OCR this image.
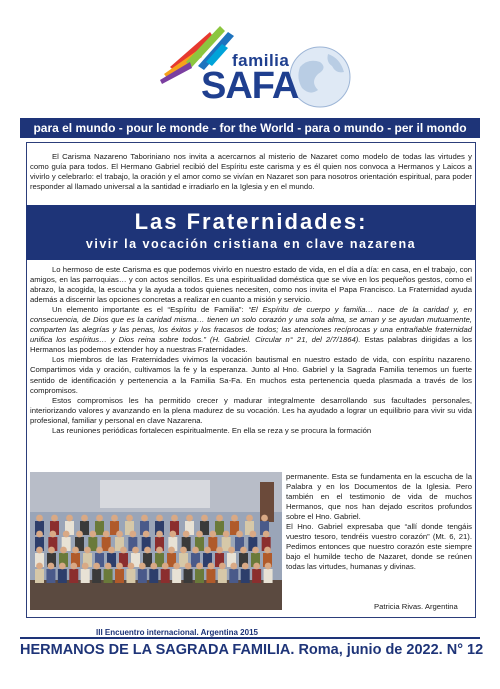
familia
SAFA
para el mundo - pour le monde - for the World - para o mundo - per il mondo

El Carisma Nazareno Taboriniano nos invita a acercarnos al misterio de Nazaret como modelo de todas las virtudes y como guía para todos. El Hermano Gabriel recibió del Espíritu este carisma y es él quien nos convoca a Hermanos y Laicos a vivirlo y celebrarlo: el trabajo, la oración y el amor como se vivían en Nazaret son para nosotros orientación espiritual, para poder responder al llamado universal a la santidad e irradiarlo en la Iglesia y en el mundo.

Las Fraternidades:
vivir la vocación cristiana en clave nazarena

Lo hermoso de este Carisma es que podemos vivirlo en nuestro estado de vida, en el día a día: en casa, en el trabajo, con amigos, en las parroquias… y con actos sencillos. Es una espiritualidad doméstica que se vive en los pequeños gestos, como el abrazo, la acogida, la escucha y la ayuda a todos quienes necesiten, como nos invita el Papa Francisco. La Fraternidad ayuda además a discernir las opciones concretas a realizar en cuanto a misión y servicio.

Un elemento importante es el “Espíritu de Familia”: “El Espíritu de cuerpo y familia… nace de la caridad y, en consecuencia, de Dios que es la caridad misma… tienen un solo corazón y una sola alma, se aman y se ayudan mutuamente, comparten las alegrías y las penas, los éxitos y los fracasos de todos; las atenciones recíprocas y una entrañable fraternidad unifica los espíritus… y Dios reina sobre todos.” (H. Gabriel. Circular n° 21, del 2/7/1864). Estas palabras dirigidas a los Hermanos las podemos extender hoy a nuestras Fraternidades.

Los miembros de las Fraternidades vivimos la vocación bautismal en nuestro estado de vida, con espíritu nazareno. Compartimos vida y oración, cultivamos la fe y la esperanza. Junto al Hno. Gabriel y la Sagrada Familia tenemos un fuerte sentido de identificación y pertenencia a la Familia Sa-Fa. En muchos esta pertenencia queda plasmada a través de los compromisos.

Estos compromisos les ha permitido crecer y madurar integralmente desarrollando sus facultades personales, interiorizando valores y avanzando en la plena madurez de su vocación. Les ha ayudado a lograr un equilibrio para vivir su vida profesional, familiar y personal en clave Nazarena.

Las reuniones periódicas fortalecen espiritualmente. En ella se reza y se procura la formación

III Encuentro internacional. Argentina 2015

permanente. Esta se fundamenta en la escucha de la Palabra y en los Documentos de la Iglesia. Pero también en el testimonio de vida de muchos Hermanos, que nos han dejado escritos profundos sobre el Hno. Gabriel.

El Hno. Gabriel expresaba que “allí donde tengáis vuestro tesoro, tendréis vuestro corazón” (Mt. 6, 21). Pedimos entonces que nuestro corazón este siempre bajo el humilde techo de Nazaret, donde se reúnen todas las virtudes, humanas y divinas.

Patricia Rivas. Argentina
HERMANOS DE LA SAGRADA FAMILIA. Roma, junio de 2022. N° 12
